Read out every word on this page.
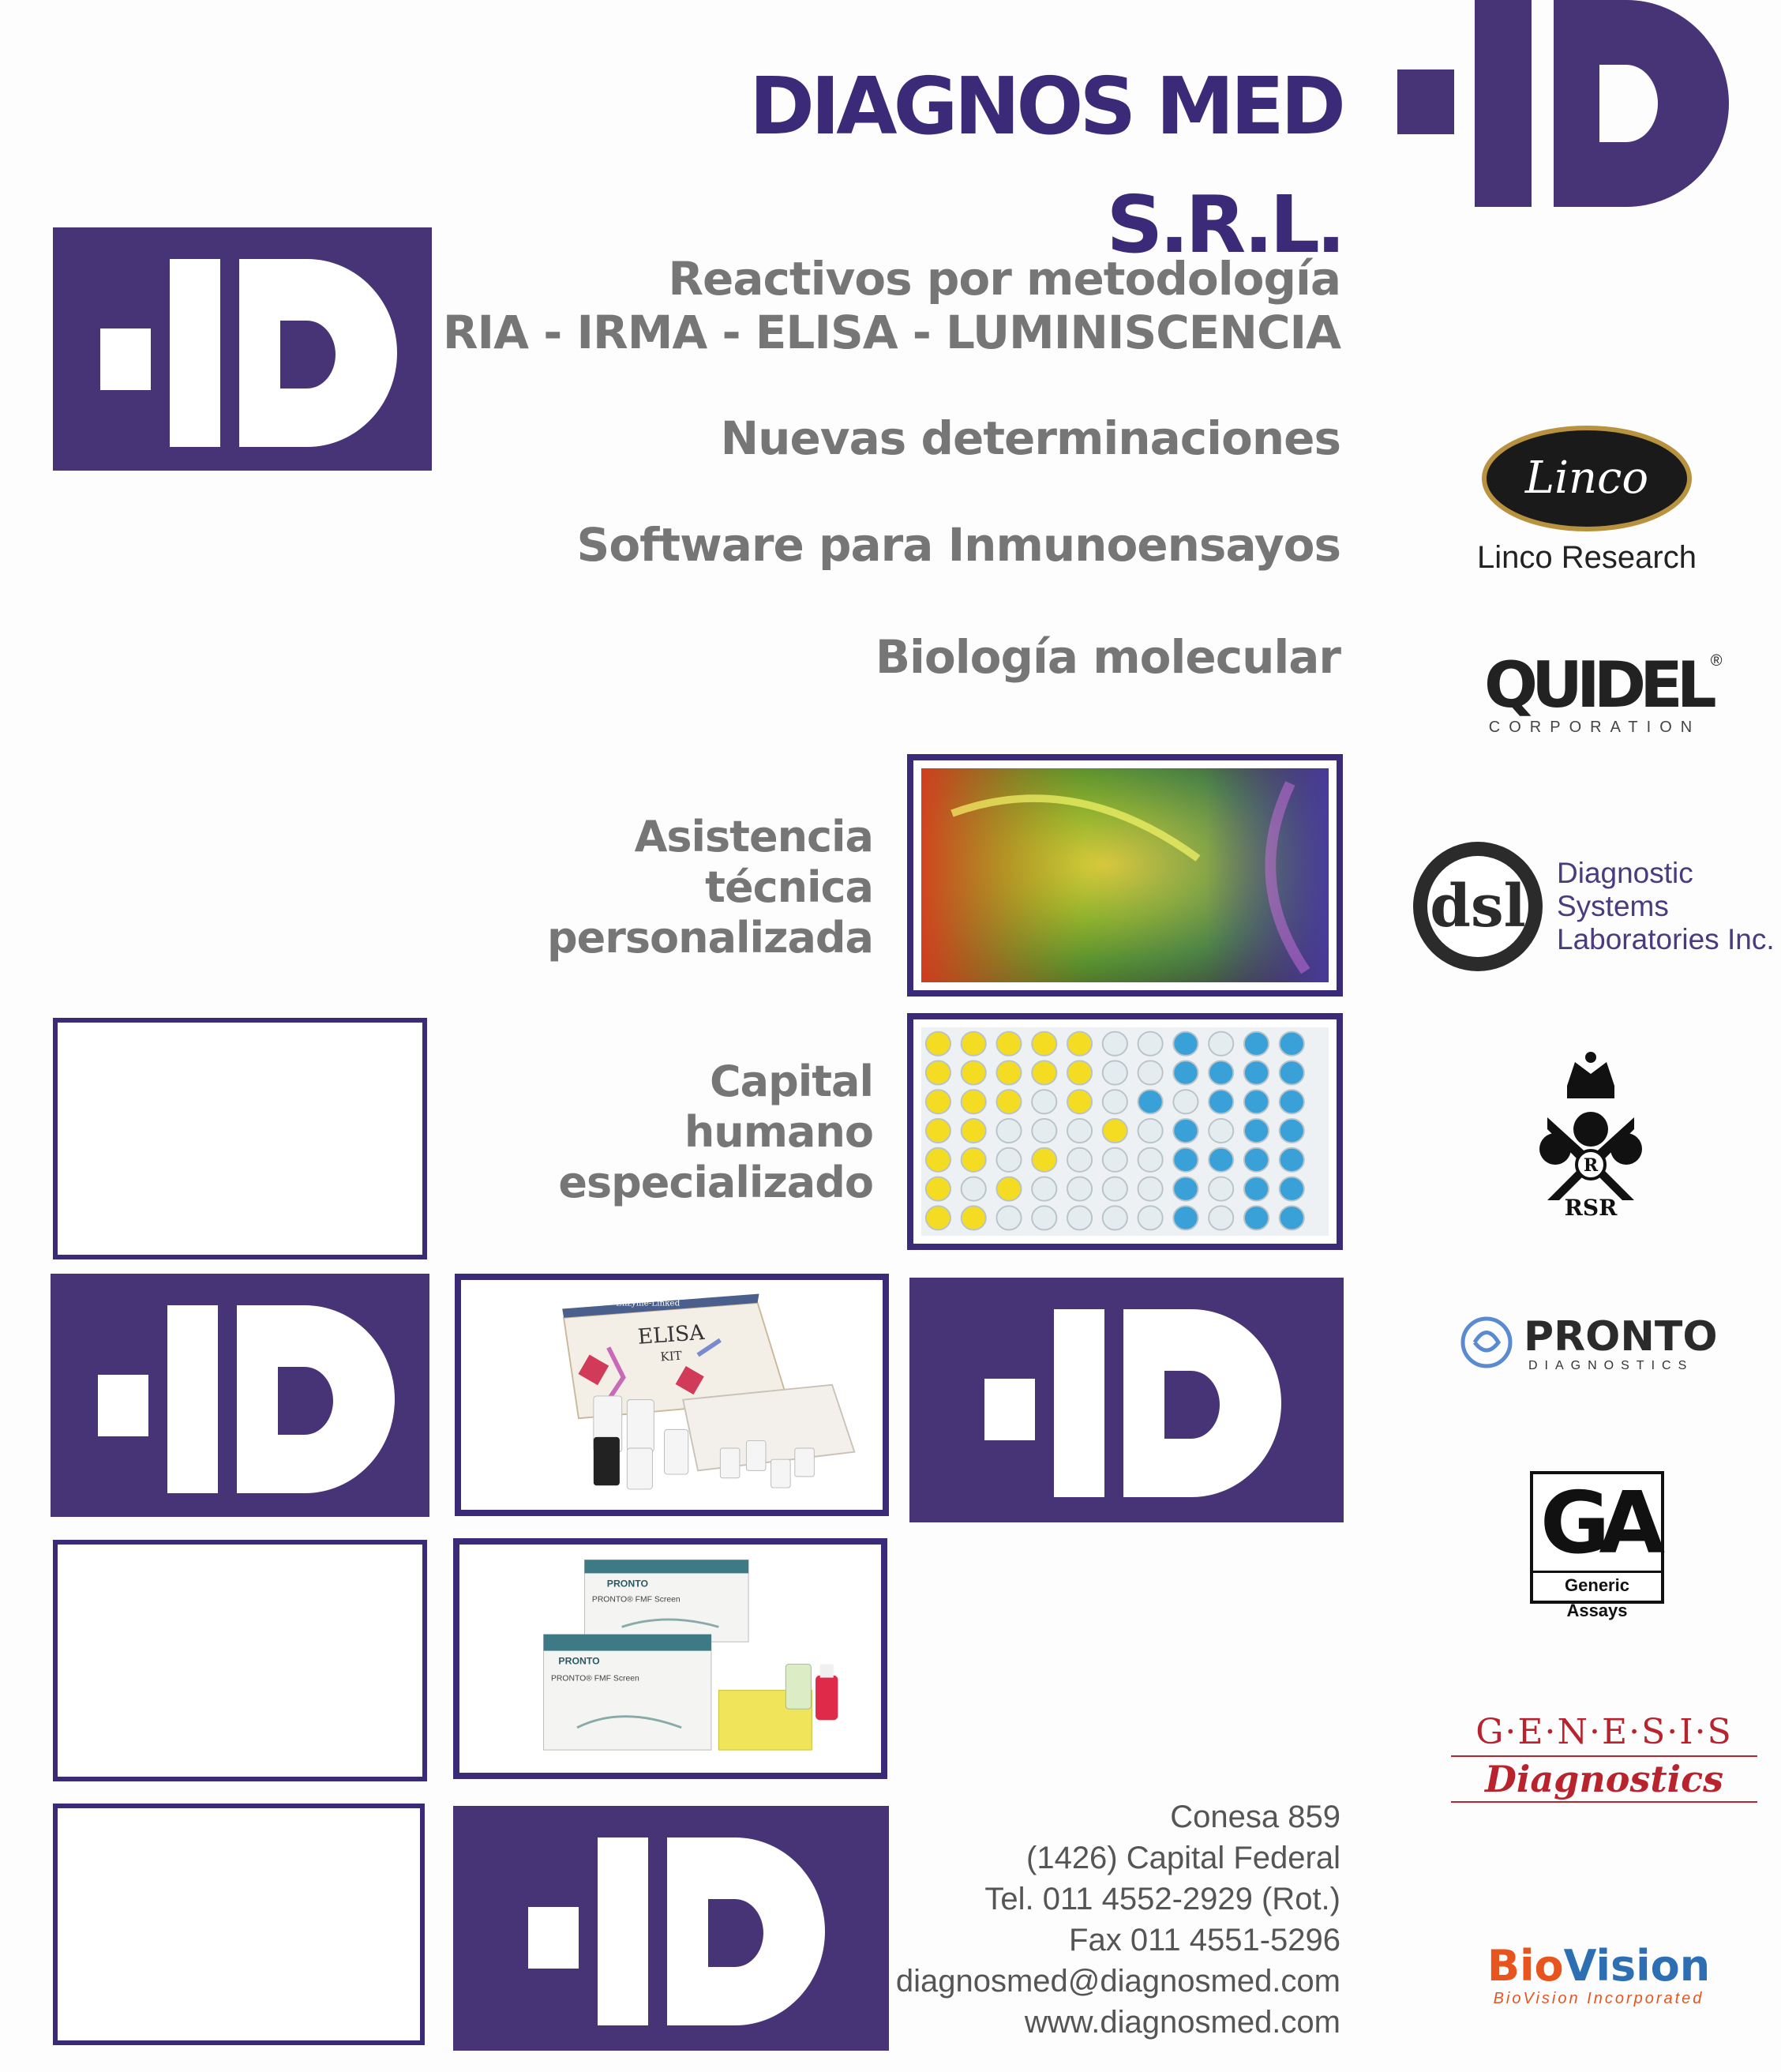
DIAGNOS MED S.R.L.
Reactivos por metodología
RIA - IRMA - ELISA - LUMINISCENCIA
Nuevas determinaciones
Software para Inmunoensayos
Biología molecular
Asistencia
técnica
personalizada
Capital
humano
especializado
Enzyme-Linked
ELISA
KIT
PRONTO
PRONTO® FMF Screen
PRONTO
PRONTO® FMF Screen
Conesa 859
(1426) Capital Federal
Tel. 011 4552-2929 (Rot.)
Fax 011 4551-5296
diagnosmed@diagnosmed.com
www.diagnosmed.com
Linco
Linco Research
QUIDEL®
CORPORATION
dsl Diagnostic
Systems
Laboratories Inc.
R
RSR
PRONTO
DIAGNOSTICS
GA
Generic Assays
G·E·N·E·S·I·S
Diagnostics
BioVision
BioVision Incorporated
